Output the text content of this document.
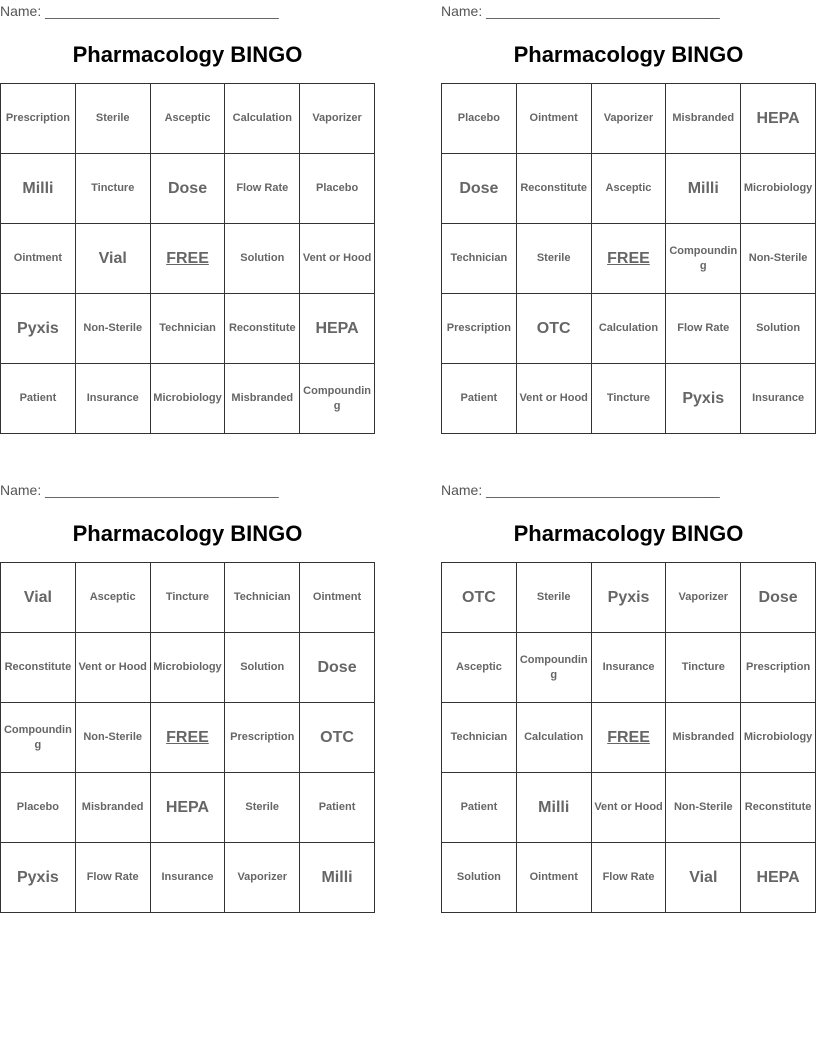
Name: ______________________________
Pharmacology BINGO
Prescription	Sterile	Asceptic	Calculation	Vaporizer
Milli	Tincture	Dose	Flow Rate	Placebo
Ointment	Vial	FREE	Solution	Vent or Hood
Pyxis	Non-Sterile	Technician	Reconstitute	HEPA
Patient	Insurance	Microbiology	Misbranded	Compounding
Name: ______________________________
Pharmacology BINGO
Placebo	Ointment	Vaporizer	Misbranded	HEPA
Dose	Reconstitute	Asceptic	Milli	Microbiology
Technician	Sterile	FREE	Compounding	Non-Sterile
Prescription	OTC	Calculation	Flow Rate	Solution
Patient	Vent or Hood	Tincture	Pyxis	Insurance
Name: ______________________________
Pharmacology BINGO
Vial	Asceptic	Tincture	Technician	Ointment
Reconstitute	Vent or Hood	Microbiology	Solution	Dose
Compounding	Non-Sterile	FREE	Prescription	OTC
Placebo	Misbranded	HEPA	Sterile	Patient
Pyxis	Flow Rate	Insurance	Vaporizer	Milli
Name: ______________________________
Pharmacology BINGO
OTC	Sterile	Pyxis	Vaporizer	Dose
Asceptic	Compounding	Insurance	Tincture	Prescription
Technician	Calculation	FREE	Misbranded	Microbiology
Patient	Milli	Vent or Hood	Non-Sterile	Reconstitute
Solution	Ointment	Flow Rate	Vial	HEPA
